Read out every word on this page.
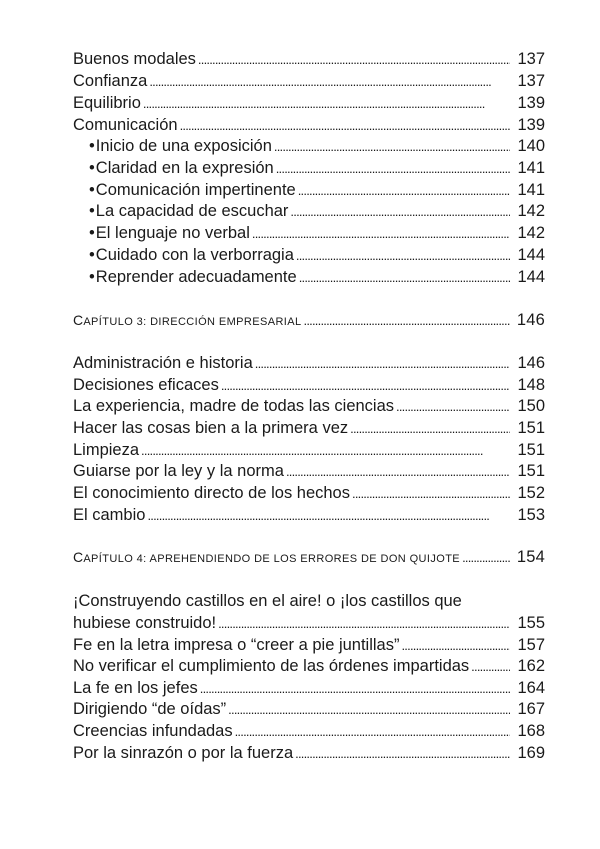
Buenos modales . . .	137
Confianza . . .	137
Equilibrio . . .	139
Comunicación . . .	139
• Inicio de una exposición . . .	140
• Claridad en la expresión . . .	141
• Comunicación impertinente . . .	141
• La capacidad de escuchar . . .	142
• El lenguaje no verbal . . .	142
• Cuidado con la verborragia . . .	144
• Reprender adecuadamente . . .	144
CAPÍTULO 3: DIRECCIÓN EMPRESARIAL . . .	146
Administración e historia . . .	146
Decisiones eficaces . . .	148
La experiencia, madre de todas las ciencias . . .	150
Hacer las cosas bien a la primera vez . . .	151
Limpieza . . .	151
Guiarse por la ley y la norma . . .	151
El conocimiento directo de los hechos . . .	152
El cambio . . .	153
CAPÍTULO 4: APREHENDIENDO DE LOS ERRORES DE DON QUIJOTE . . .	154
¡Construyendo castillos en el aire! o ¡los castillos que
hubiese construido! . . .	155
Fe en la letra impresa o “creer a pie juntillas” . . .	157
No verificar el cumplimiento de las órdenes impartidas . . .	162
La fe en los jefes . . .	164
Dirigiendo “de oídas” . . .	167
Creencias infundadas . . .	168
Por la sinrazón o por la fuerza . . .	169
